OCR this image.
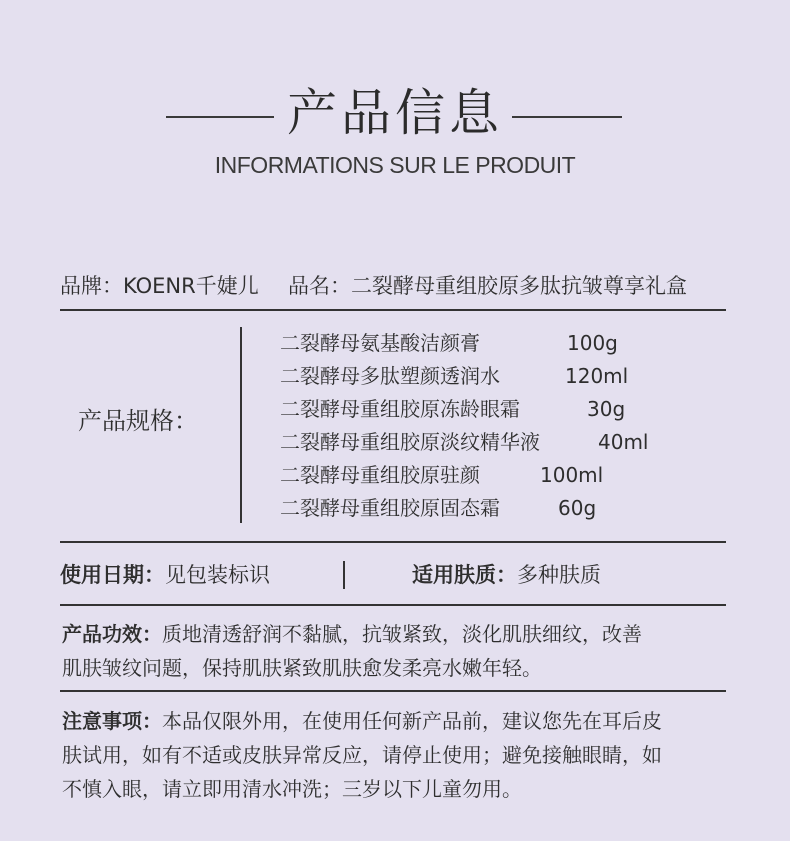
产品信息
INFORMATIONS SUR LE PRODUIT
品牌：KOENR千婕儿 品名：二裂酵母重组胶原多肽抗皱尊享礼盒
产品规格：
二裂酵母氨基酸洁颜膏	100g
二裂酵母多肽塑颜透润水	120ml
二裂酵母重组胶原冻龄眼霜	30g
二裂酵母重组胶原淡纹精华液	40ml
二裂酵母重组胶原驻颜	100ml
二裂酵母重组胶原固态霜	60g
使用日期：见包装标识	适用肤质：多种肤质
产品功效：质地清透舒润不黏腻，抗皱紧致，淡化肌肤细纹，改善
肌肤皱纹问题，保持肌肤紧致肌肤愈发柔亮水嫩年轻。
注意事项：本品仅限外用，在使用任何新产品前，建议您先在耳后皮
肤试用，如有不适或皮肤异常反应，请停止使用；避免接触眼睛，如
不慎入眼，请立即用清水冲洗；三岁以下儿童勿用。
